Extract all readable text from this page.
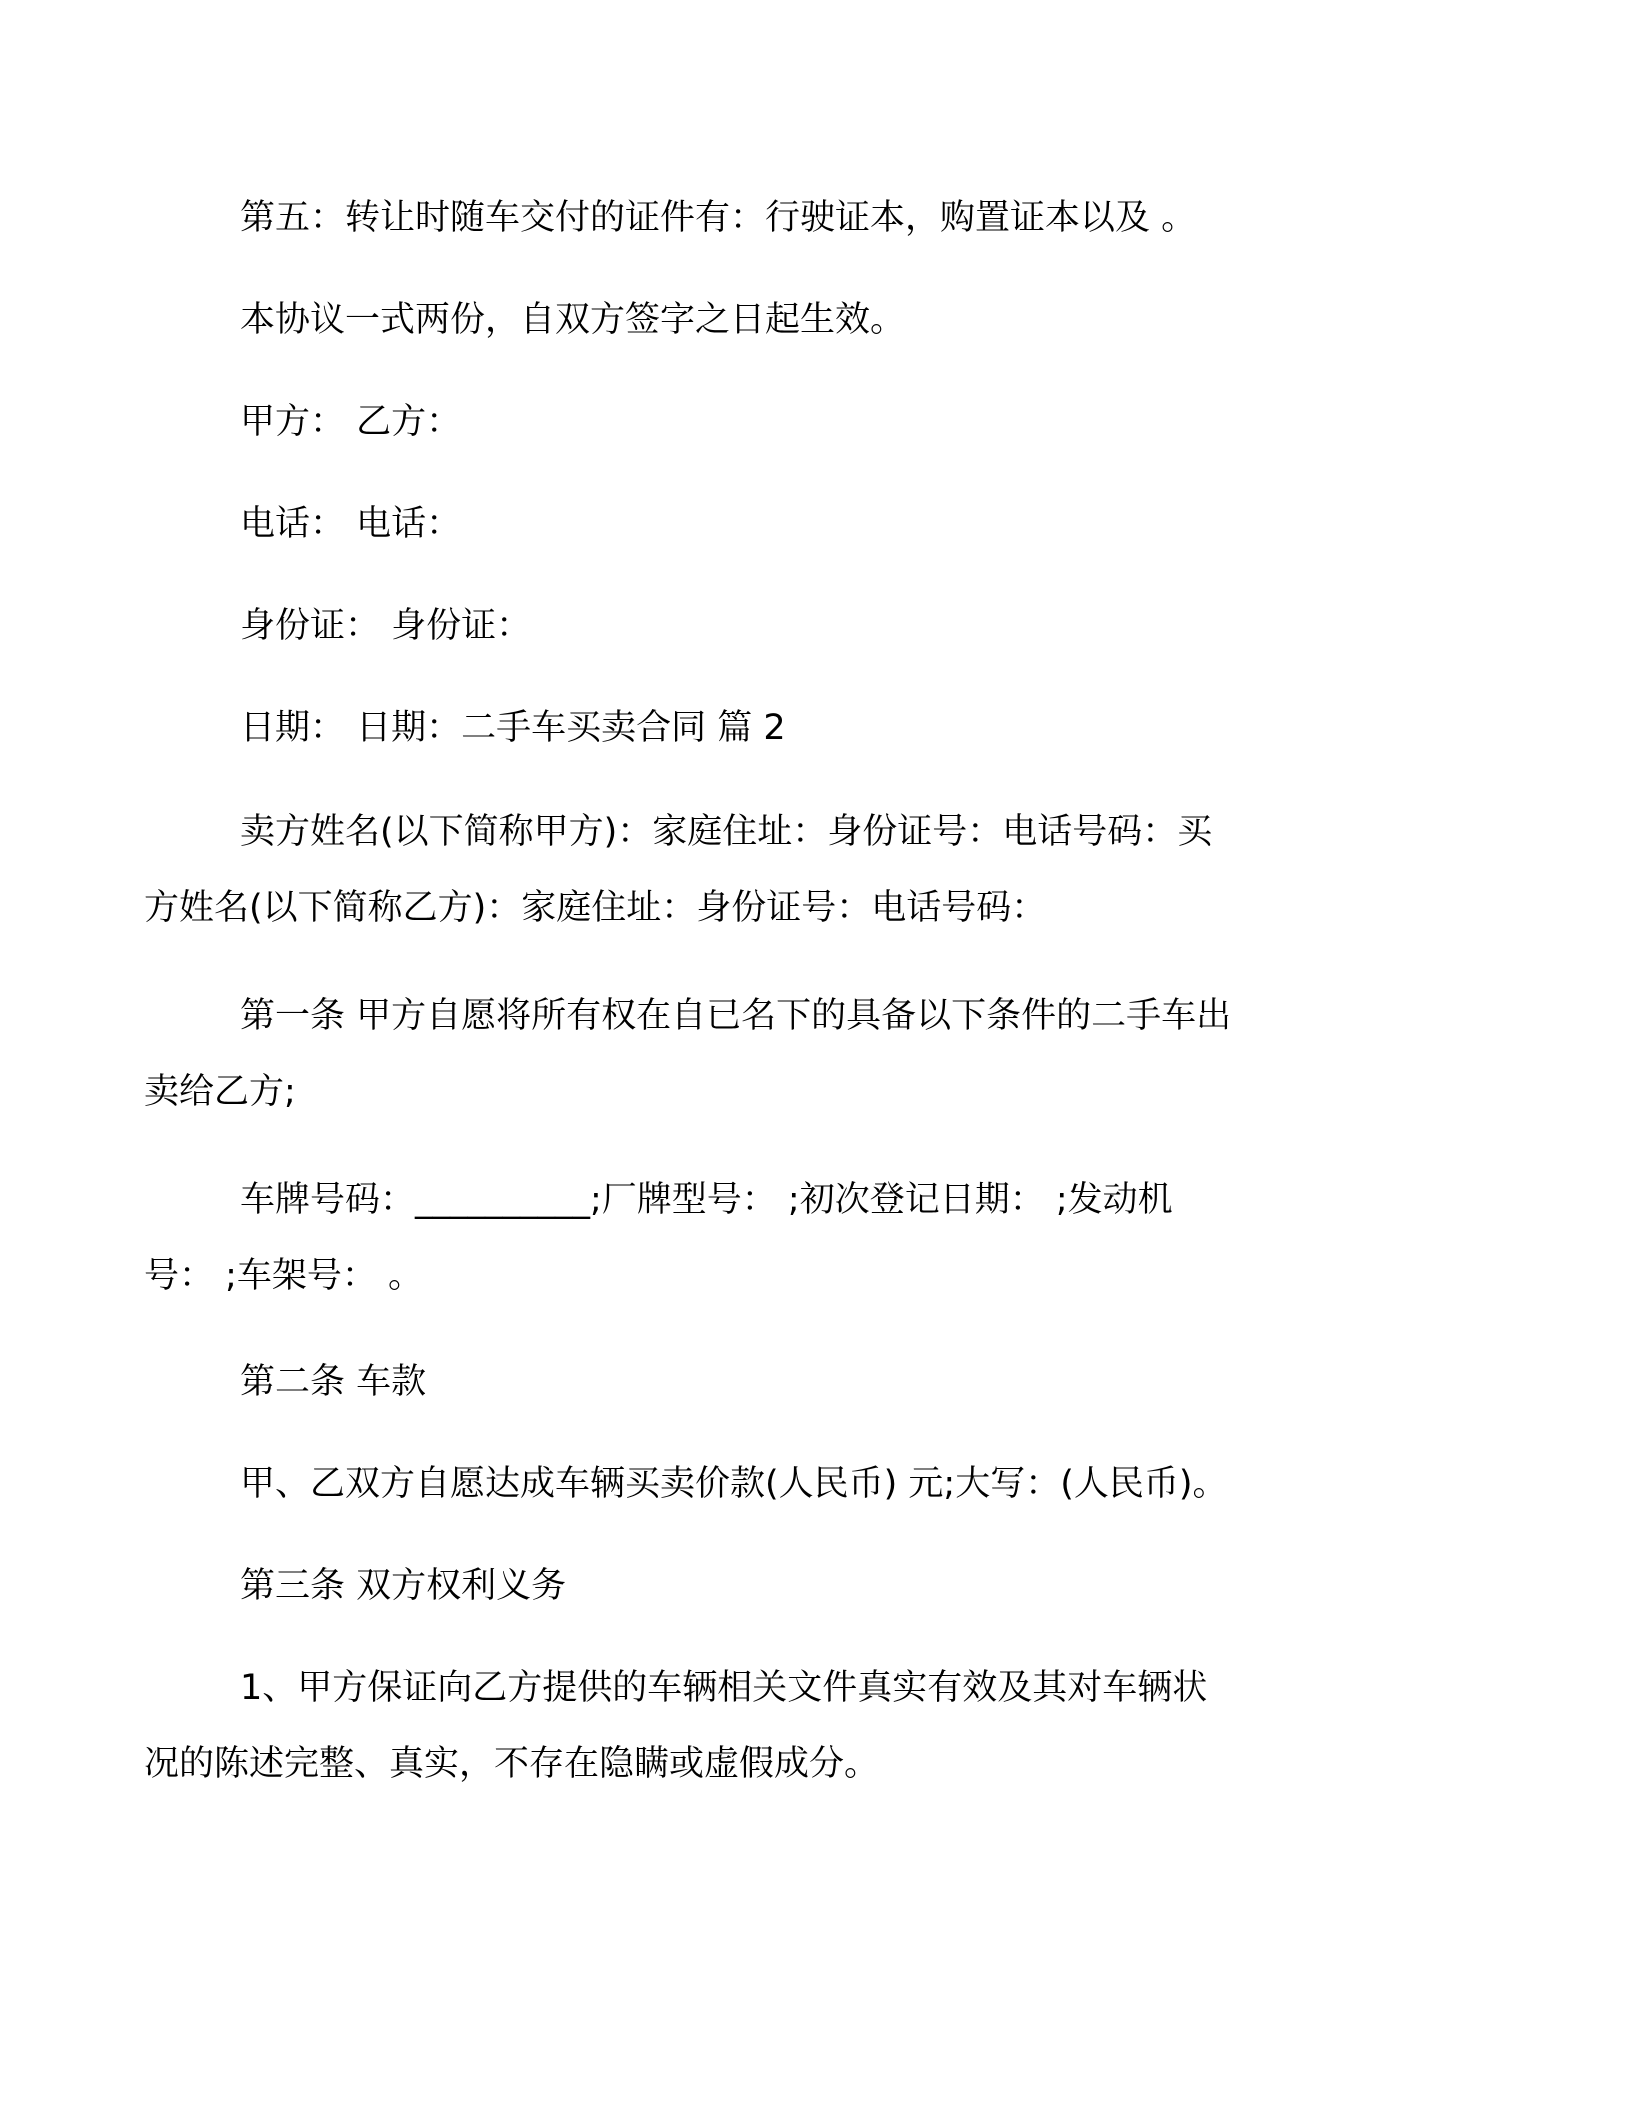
第五：转让时随车交付的证件有：行驶证本，购置证本以及 。
本协议一式两份，自双方签字之日起生效。
甲方： 乙方：
电话： 电话：
身份证： 身份证：
日期： 日期：二手车买卖合同 篇 2
卖方姓名(以下简称甲方)：家庭住址：身份证号：电话号码：买
方姓名(以下简称乙方)：家庭住址：身份证号：电话号码：
第一条 甲方自愿将所有权在自已名下的具备以下条件的二手车出
卖给乙方;
车牌号码：__________;厂牌型号： ;初次登记日期： ;发动机
号： ;车架号： 。
第二条 车款
甲、乙双方自愿达成车辆买卖价款(人民币) 元;大写：(人民币)。
第三条 双方权利义务
1、甲方保证向乙方提供的车辆相关文件真实有效及其对车辆状
况的陈述完整、真实，不存在隐瞒或虚假成分。
